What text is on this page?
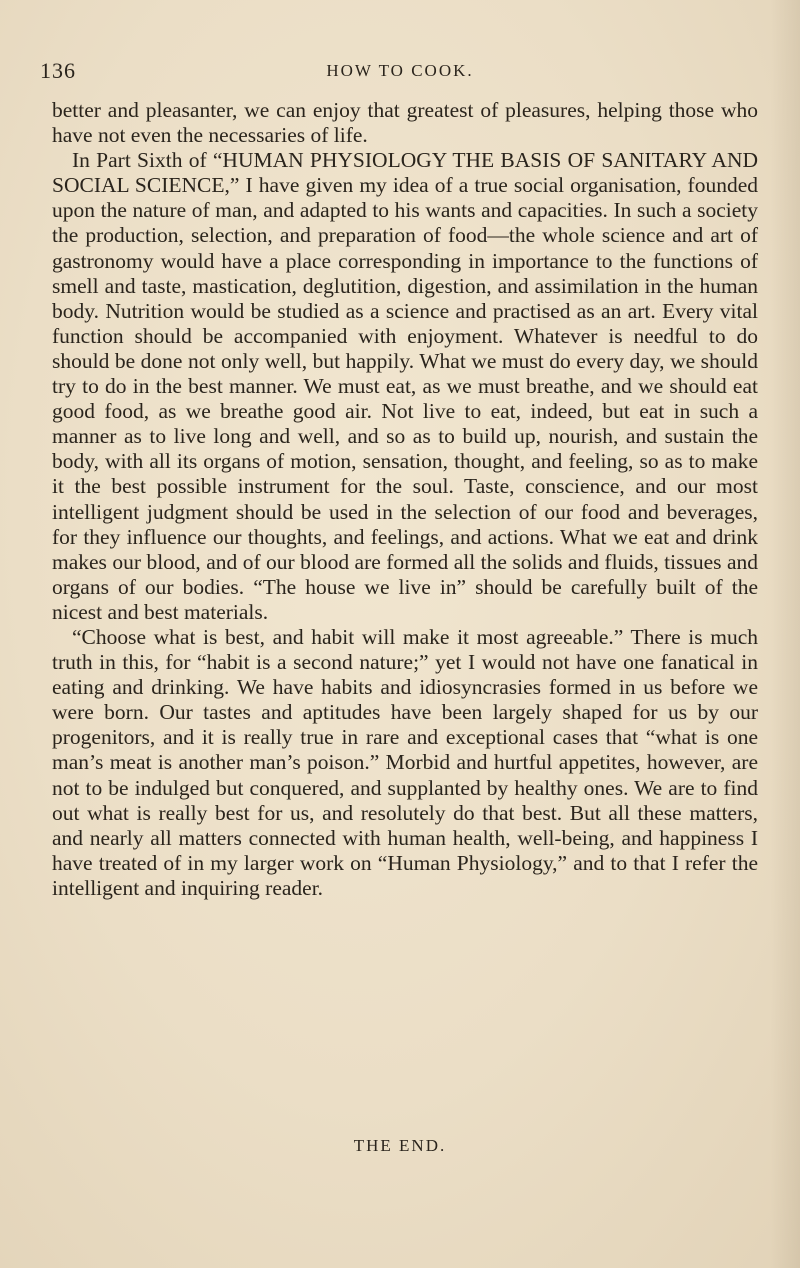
136	HOW TO COOK.

better and pleasanter, we can enjoy that greatest of pleasures, helping those who have not even the necessaries of life.

In Part Sixth of “HUMAN PHYSIOLOGY THE BASIS OF SANITARY AND SOCIAL SCIENCE,” I have given my idea of a true social organisation, founded upon the nature of man, and adapted to his wants and capacities. In such a society the production, selection, and preparation of food—the whole science and art of gastronomy would have a place corresponding in importance to the functions of smell and taste, mastication, deglutition, digestion, and assimilation in the human body. Nutrition would be studied as a science and practised as an art. Every vital function should be accompanied with enjoyment. Whatever is needful to do should be done not only well, but happily. What we must do every day, we should try to do in the best manner. We must eat, as we must breathe, and we should eat good food, as we breathe good air. Not live to eat, indeed, but eat in such a manner as to live long and well, and so as to build up, nourish, and sustain the body, with all its organs of motion, sensation, thought, and feeling, so as to make it the best possible instrument for the soul. Taste, conscience, and our most intelligent judgment should be used in the selection of our food and beverages, for they influence our thoughts, and feelings, and actions. What we eat and drink makes our blood, and of our blood are formed all the solids and fluids, tissues and organs of our bodies. “The house we live in” should be carefully built of the nicest and best materials.

“Choose what is best, and habit will make it most agreeable.” There is much truth in this, for “habit is a second nature;” yet I would not have one fanatical in eating and drinking. We have habits and idiosyncrasies formed in us before we were born. Our tastes and aptitudes have been largely shaped for us by our progenitors, and it is really true in rare and exceptional cases that “what is one man’s meat is another man’s poison.” Morbid and hurtful appetites, however, are not to be indulged but conquered, and supplanted by healthy ones. We are to find out what is really best for us, and resolutely do that best. But all these matters, and nearly all matters connected with human health, well-being, and happiness I have treated of in my larger work on “Human Physiology,” and to that I refer the intelligent and inquiring reader.

THE END.
